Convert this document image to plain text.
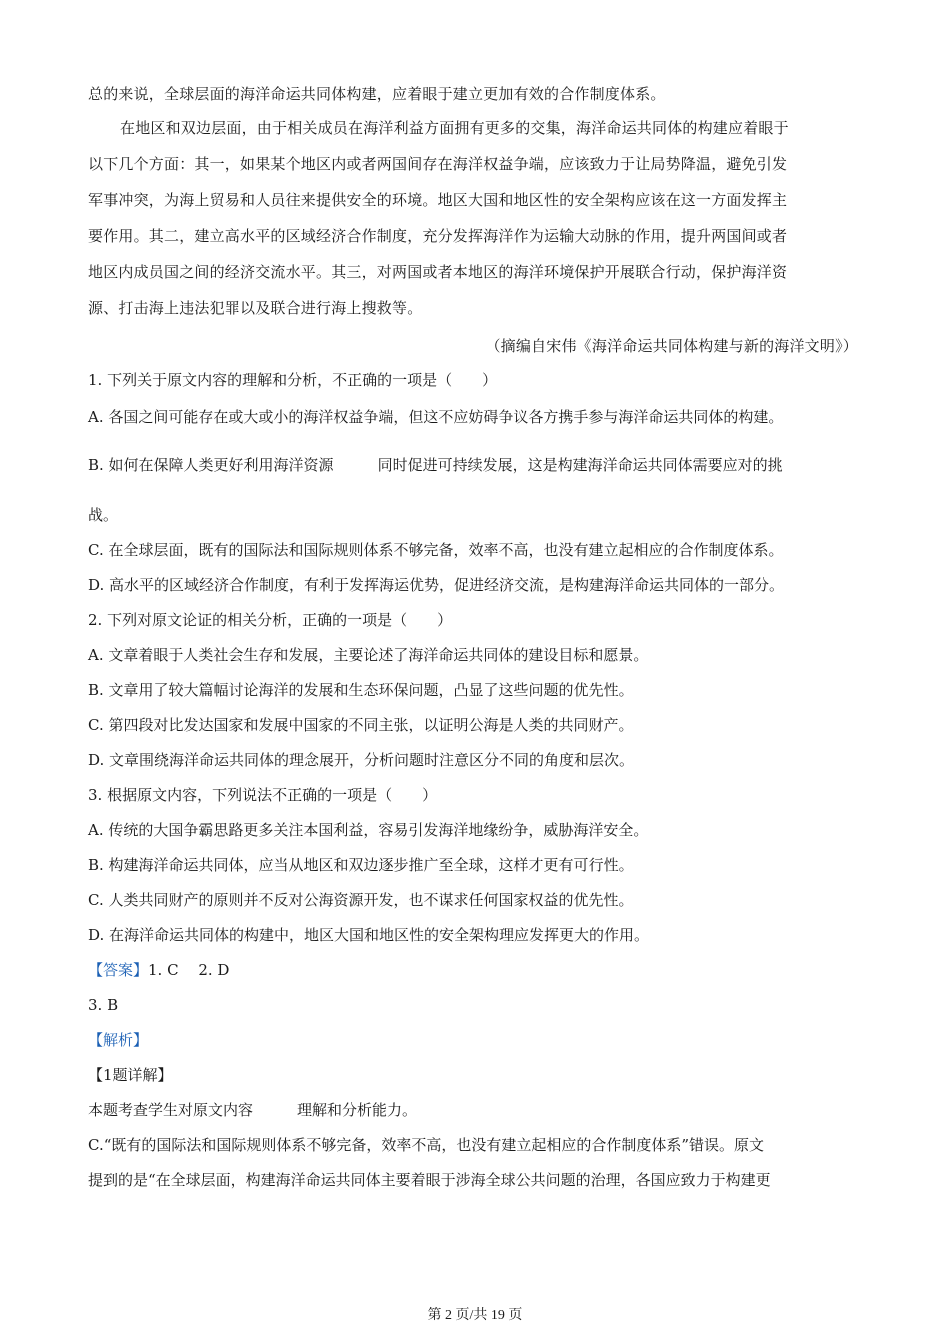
总的来说，全球层面的海洋命运共同体构建，应着眼于建立更加有效的合作制度体系。
在地区和双边层面，由于相关成员在海洋利益方面拥有更多的交集，海洋命运共同体的构建应着眼于
以下几个方面：其一，如果某个地区内或者两国间存在海洋权益争端，应该致力于让局势降温，避免引发
军事冲突，为海上贸易和人员往来提供安全的环境。地区大国和地区性的安全架构应该在这一方面发挥主
要作用。其二，建立高水平的区域经济合作制度，充分发挥海洋作为运输大动脉的作用，提升两国间或者
地区内成员国之间的经济交流水平。其三，对两国或者本地区的海洋环境保护开展联合行动，保护海洋资
源、打击海上违法犯罪以及联合进行海上搜救等。
（摘编自宋伟《海洋命运共同体构建与新的海洋文明》）
1. 下列关于原文内容的理解和分析，不正确的一项是（　　）
A. 各国之间可能存在或大或小的海洋权益争端，但这不应妨碍争议各方携手参与海洋命运共同体的构建。
B. 如何在保障人类更好利用海洋资源	同时促进可持续发展，这是构建海洋命运共同体需要应对的挑
战。
C. 在全球层面，既有的国际法和国际规则体系不够完备，效率不高，也没有建立起相应的合作制度体系。
D. 高水平的区域经济合作制度，有利于发挥海运优势，促进经济交流，是构建海洋命运共同体的一部分。
2. 下列对原文论证的相关分析，正确的一项是（　　）
A. 文章着眼于人类社会生存和发展，主要论述了海洋命运共同体的建设目标和愿景。
B. 文章用了较大篇幅讨论海洋的发展和生态环保问题，凸显了这些问题的优先性。
C. 第四段对比发达国家和发展中国家的不同主张，以证明公海是人类的共同财产。
D. 文章围绕海洋命运共同体的理念展开，分析问题时注意区分不同的角度和层次。
3. 根据原文内容，下列说法不正确的一项是（　　）
A. 传统的大国争霸思路更多关注本国利益，容易引发海洋地缘纷争，威胁海洋安全。
B. 构建海洋命运共同体，应当从地区和双边逐步推广至全球，这样才更有可行性。
C. 人类共同财产的原则并不反对公海资源开发，也不谋求任何国家权益的优先性。
D. 在海洋命运共同体的构建中，地区大国和地区性的安全架构理应发挥更大的作用。
【答案】1. C　 2. D
3. B
【解析】
【1题详解】
本题考查学生对原文内容	理解和分析能力。
C.“既有的国际法和国际规则体系不够完备，效率不高，也没有建立起相应的合作制度体系”错误。原文
提到的是“在全球层面，构建海洋命运共同体主要着眼于涉海全球公共问题的治理，各国应致力于构建更
第 2 页/共 19 页
